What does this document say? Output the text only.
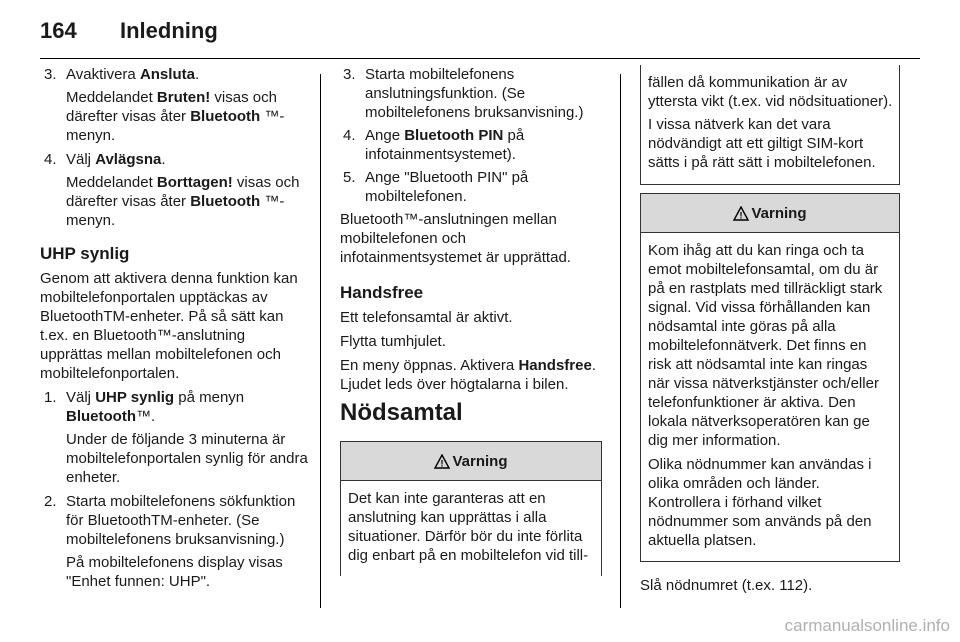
164 Inledning
3. Avaktivera Ansluta.

Meddelandet Bruten! visas och därefter visas åter Bluetooth ™-menyn.

4. Välj Avlägsna.

Meddelandet Borttagen! visas och därefter visas åter Bluetooth ™-menyn.

UHP synlig

Genom att aktivera denna funktion kan mobiltelefonportalen upptäckas av BluetoothTM-enheter. På så sätt kan t.ex. en Bluetooth™-anslutning upprättas mellan mobiltelefonen och mobiltelefonportalen.

1. Välj UHP synlig på menyn Bluetooth™.

Under de följande 3 minuterna är mobiltelefonportalen synlig för andra enheter.

2. Starta mobiltelefonens sökfunktion för BluetoothTM-enheter. (Se mobiltelefonens bruksanvisning.)

På mobiltelefonens display visas "Enhet funnen: UHP".

3. Starta mobiltelefonens anslutningsfunktion. (Se mobiltelefonens bruksanvisning.)
4. Ange Bluetooth PIN på infotainmentsystemet).
5. Ange "Bluetooth PIN" på mobiltelefonen.

Bluetooth™-anslutningen mellan mobiltelefonen och infotainmentsystemet är upprättad.

Handsfree

Ett telefonsamtal är aktivt.

Flytta tumhjulet.

En meny öppnas. Aktivera Handsfree. Ljudet leds över högtalarna i bilen.

Nödsamtal

! Varning

Det kan inte garanteras att en anslutning kan upprättas i alla situationer. Därför bör du inte förlita dig enbart på en mobiltelefon vid till-

fällen då kommunikation är av yttersta vikt (t.ex. vid nödsituationer).

I vissa nätverk kan det vara nödvändigt att ett giltigt SIM-kort sätts i på rätt sätt i mobiltelefonen.

! Varning

Kom ihåg att du kan ringa och ta emot mobiltelefonsamtal, om du är på en rastplats med tillräckligt stark signal. Vid vissa förhållanden kan nödsamtal inte göras på alla mobiltelefonnätverk. Det finns en risk att nödsamtal inte kan ringas när vissa nätverkstjänster och/eller telefonfunktioner är aktiva. Den lokala nätverksoperatören kan ge dig mer information.

Olika nödnummer kan användas i olika områden och länder. Kontrollera i förhand vilket nödnummer som används på den aktuella platsen.

Slå nödnumret (t.ex. 112).

carmanualsonline.info
